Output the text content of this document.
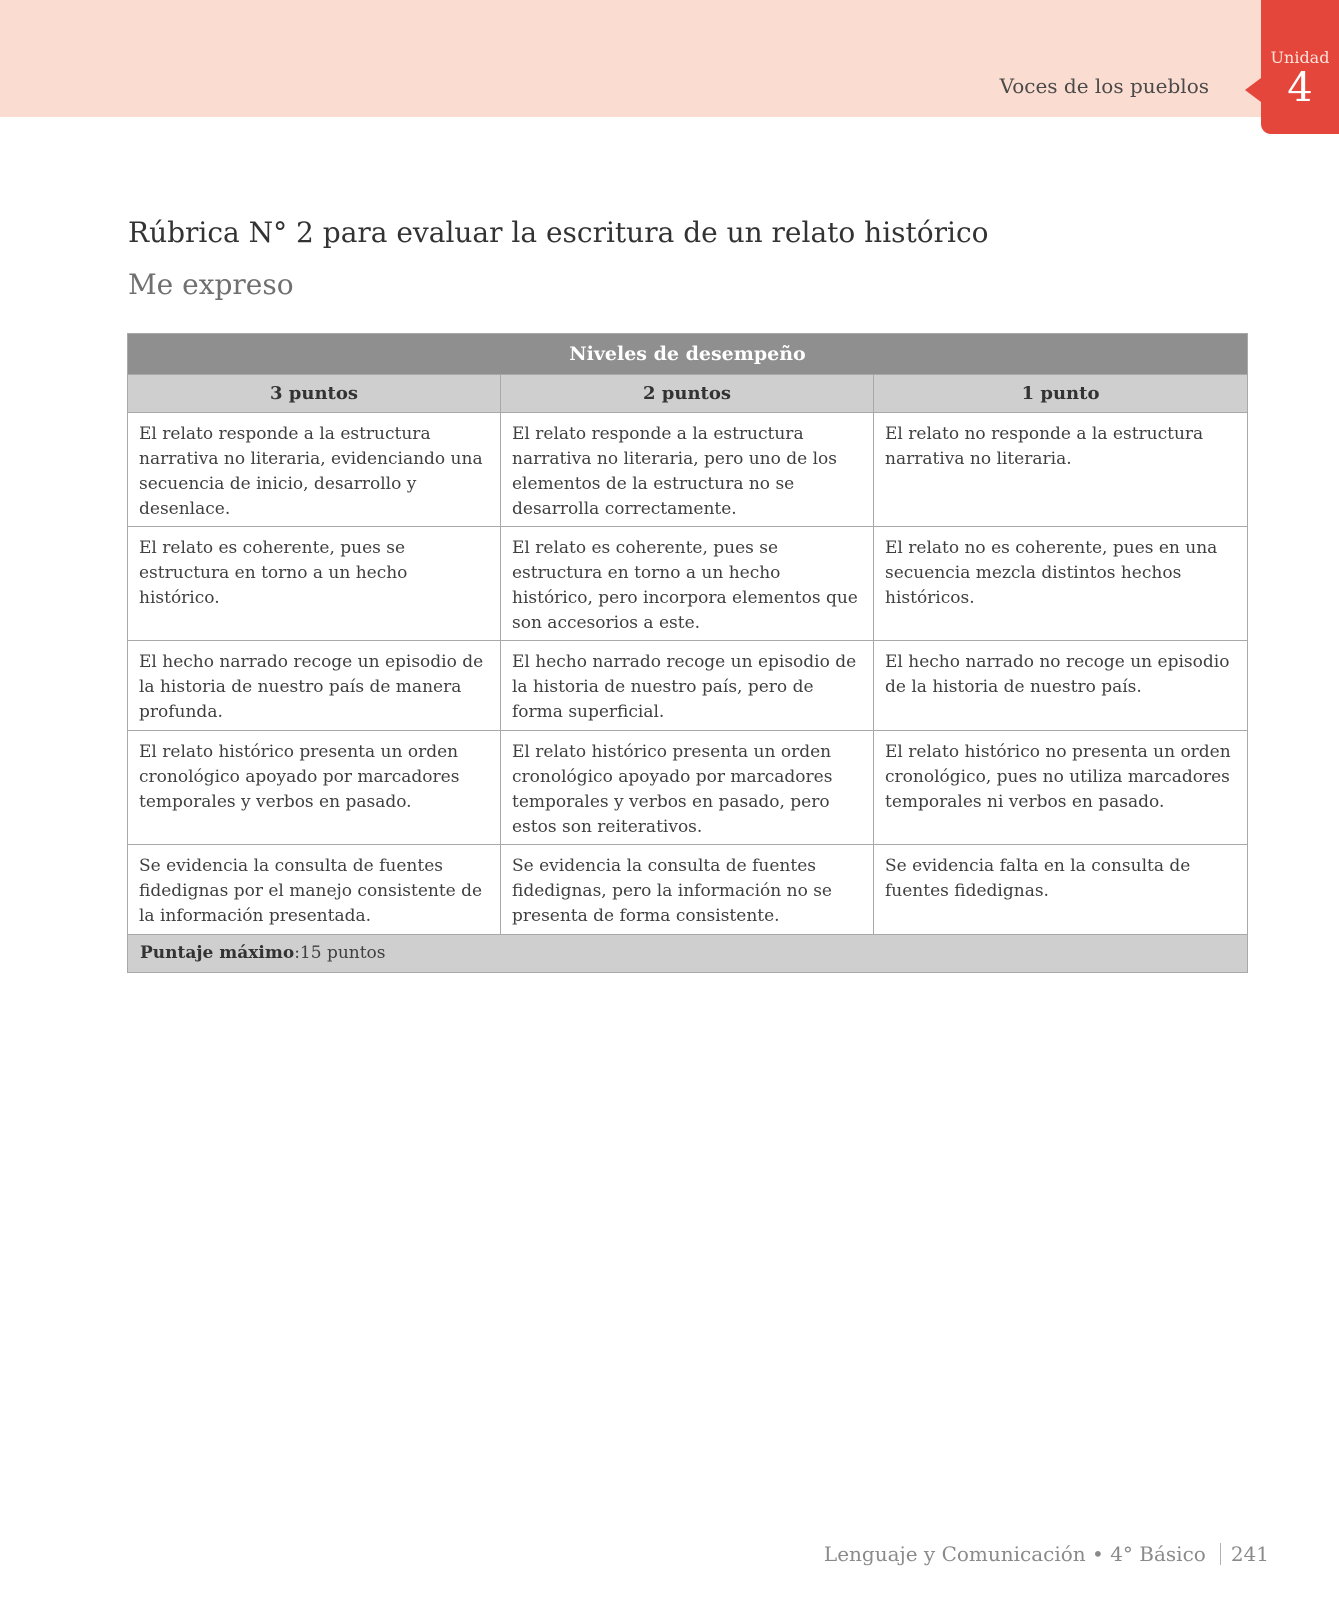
Voces de los pueblos
Unidad
4
Rúbrica N° 2 para evaluar la escritura de un relato histórico
Me expreso
Niveles de desempeño		
3 puntos	2 puntos	1 punto
El relato responde a la estructura narrativa no literaria, evidenciando una secuencia de inicio, desarrollo y desenlace.	El relato responde a la estructura narrativa no literaria, pero uno de los elementos de la estructura no se desarrolla correctamente.	El relato no responde a la estructura narrativa no literaria.
El relato es coherente, pues se estructura en torno a un hecho histórico.	El relato es coherente, pues se estructura en torno a un hecho histórico, pero incorpora elementos que son accesorios a este.	El relato no es coherente, pues en una secuencia mezcla distintos hechos históricos.
El hecho narrado recoge un episodio de la historia de nuestro país de manera profunda.	El hecho narrado recoge un episodio de la historia de nuestro país, pero de forma superficial.	El hecho narrado no recoge un episodio de la historia de nuestro país.
El relato histórico presenta un orden cronológico apoyado por marcadores temporales y verbos en pasado.	El relato histórico presenta un orden cronológico apoyado por marcadores temporales y verbos en pasado, pero estos son reiterativos.	El relato histórico no presenta un orden cronológico, pues no utiliza marcadores temporales ni verbos en pasado.
Se evidencia la consulta de fuentes fidedignas por el manejo consistente de la información presentada.	Se evidencia la consulta de fuentes fidedignas, pero la información no se presenta de forma consistente.	Se evidencia falta en la consulta de fuentes fidedignas.
Puntaje máximo:15 puntos		
Lenguaje y Comunicación • 4° Básico 241
